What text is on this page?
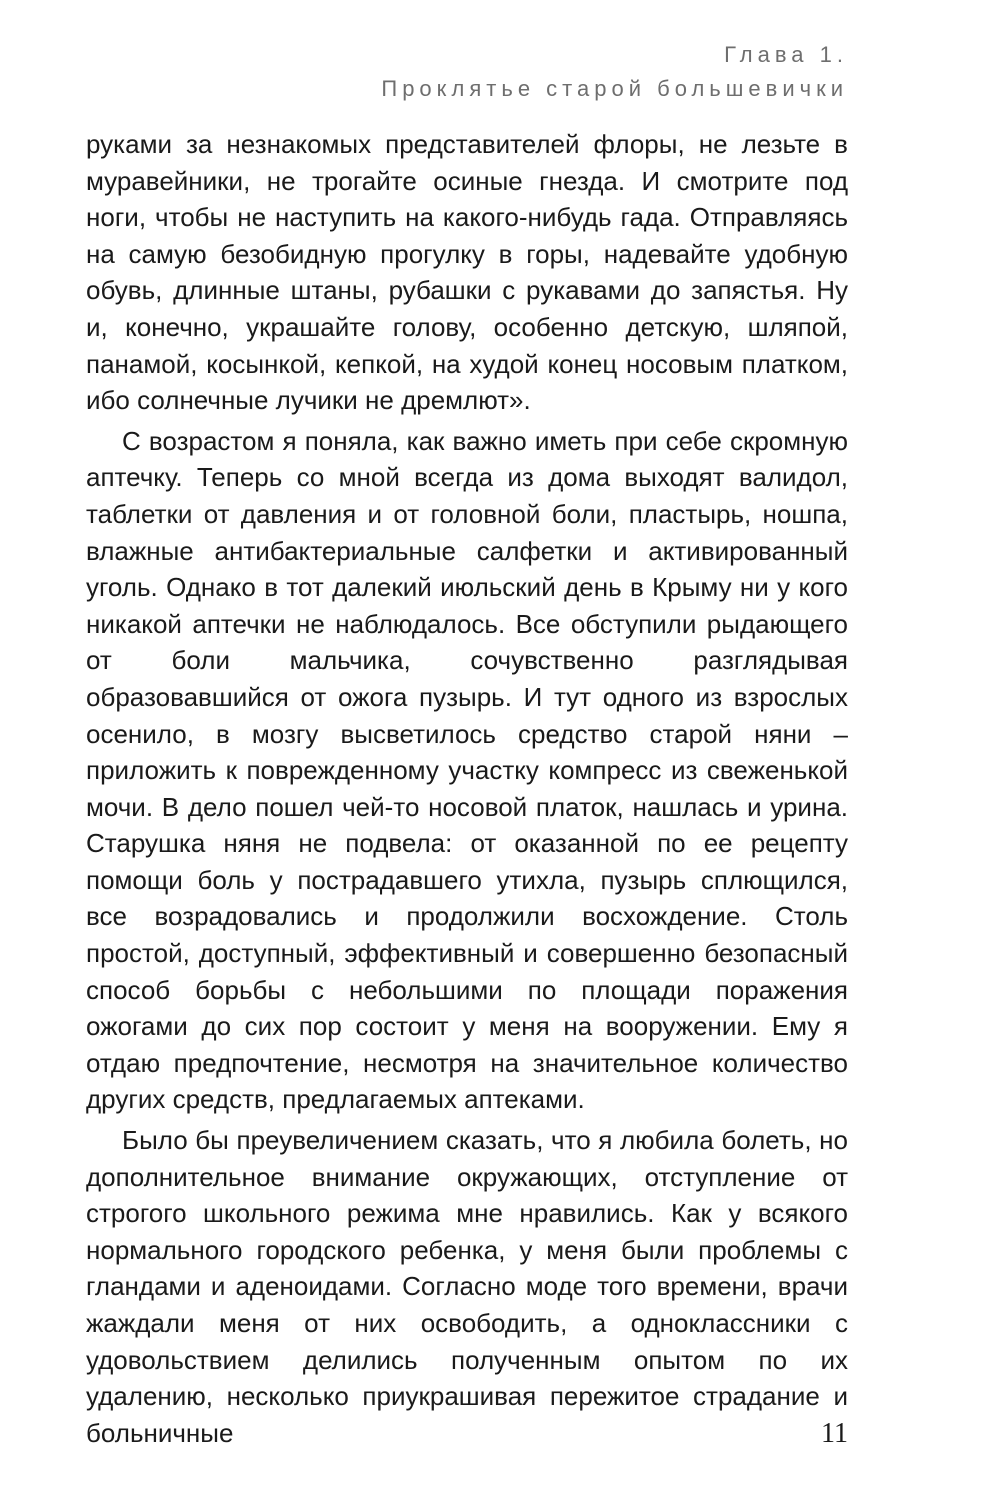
Глава 1.
Проклятье старой большевички

руками за незнакомых представителей флоры, не лезьте в муравейники, не трогайте осиные гнезда. И смотрите под ноги, чтобы не наступить на какого-нибудь гада. Отправляясь на самую безобидную прогулку в горы, надевайте удобную обувь, длинные штаны, рубашки с рукавами до запястья. Ну и, конечно, украшайте голову, особенно детскую, шляпой, панамой, косынкой, кепкой, на худой конец носовым платком, ибо солнечные лучики не дремлют».

С возрастом я поняла, как важно иметь при себе скромную аптечку. Теперь со мной всегда из дома выходят валидол, таблетки от давления и от головной боли, пластырь, ношпа, влажные антибактериальные салфетки и активированный уголь. Однако в тот далекий июльский день в Крыму ни у кого никакой аптечки не наблюдалось. Все обступили рыдающего от боли мальчика, сочувственно разглядывая образовавшийся от ожога пузырь. И тут одного из взрослых осенило, в мозгу высветилось средство старой няни – приложить к поврежденному участку компресс из свеженькой мочи. В дело пошел чей-то носовой платок, нашлась и урина. Старушка няня не подвела: от оказанной по ее рецепту помощи боль у пострадавшего утихла, пузырь сплющился, все возрадовались и продолжили восхождение. Столь простой, доступный, эффективный и совершенно безопасный способ борьбы с небольшими по площади поражения ожогами до сих пор состоит у меня на вооружении. Ему я отдаю предпочтение, несмотря на значительное количество других средств, предлагаемых аптеками.

Было бы преувеличением сказать, что я любила болеть, но дополнительное внимание окружающих, отступление от строгого школьного режима мне нравились. Как у всякого нормального городского ребенка, у меня были проблемы с гландами и аденоидами. Согласно моде того времени, врачи жаждали меня от них освободить, а одноклассники с удовольствием делились полученным опытом по их удалению, несколько приукрашивая пережитое страдание и больничные	11
